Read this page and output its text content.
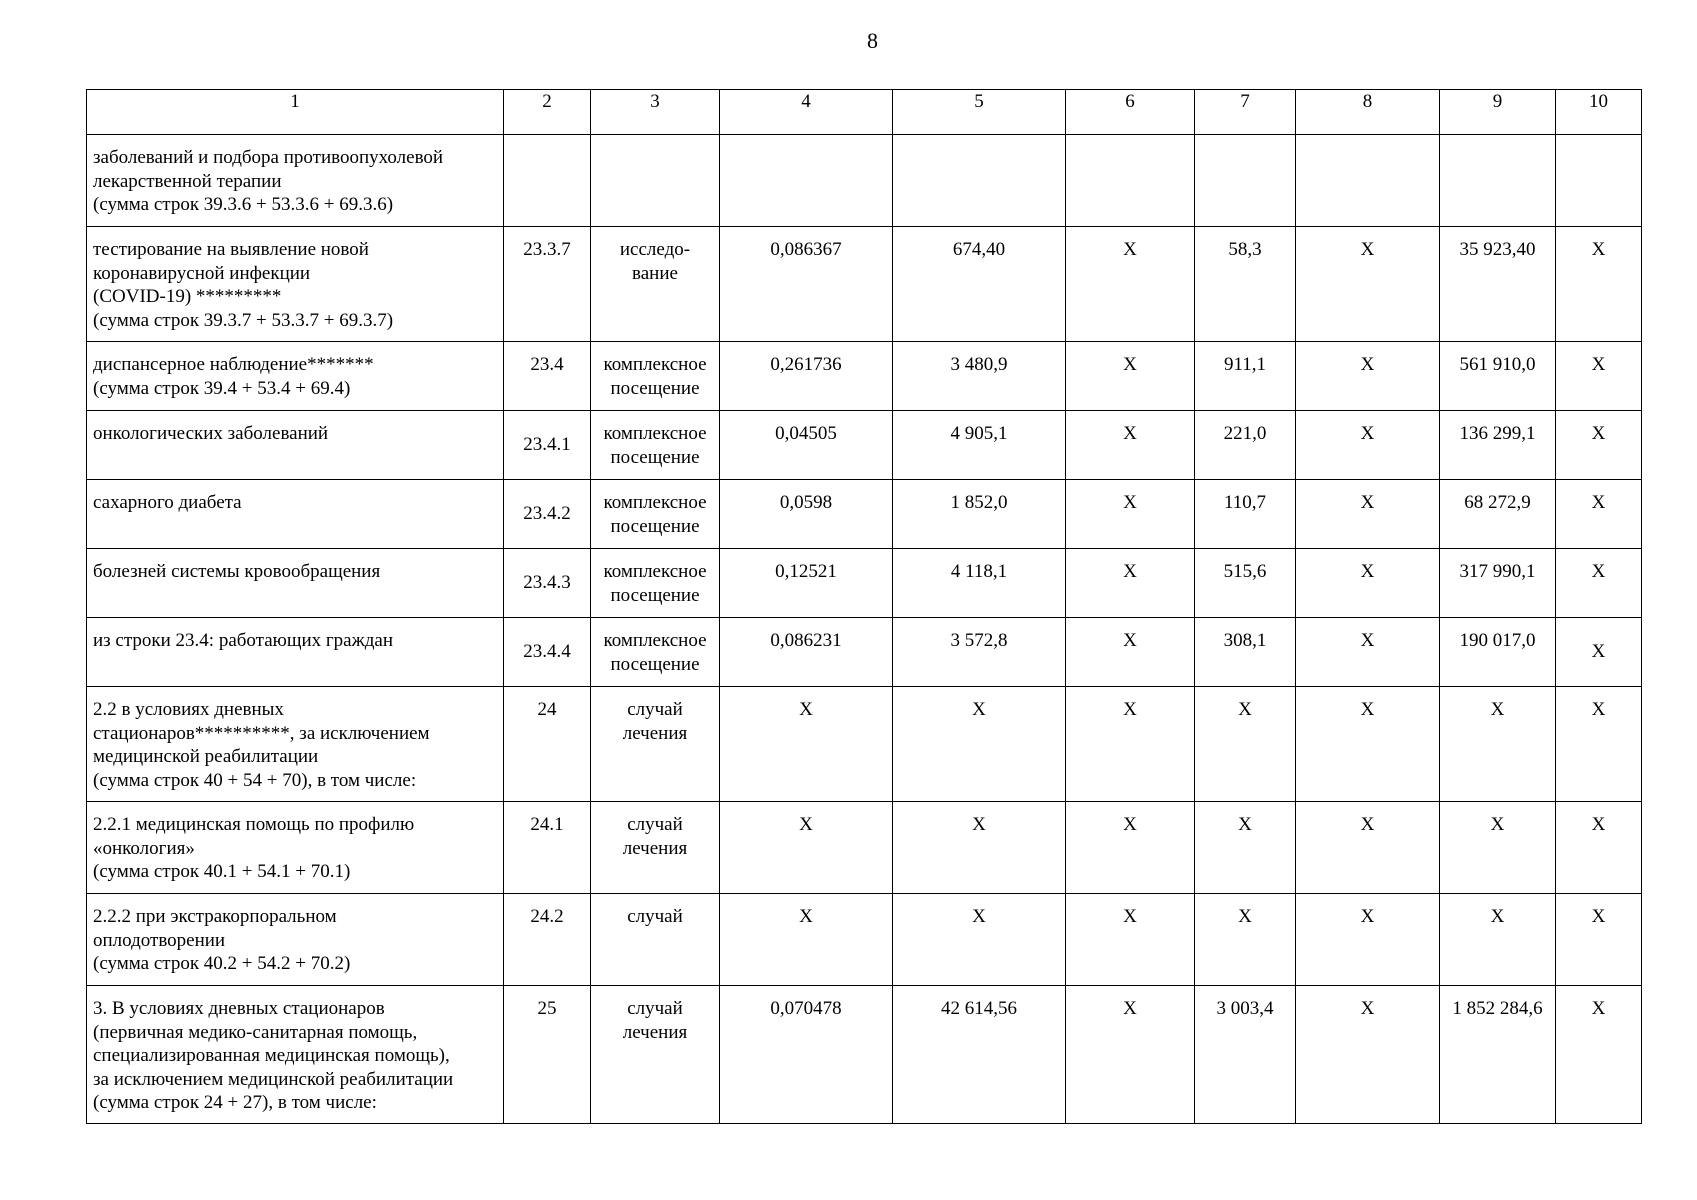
8
1	2	3	4	5	6	7	8	9	10

заболеваний и подбора противоопухолевой
лекарственной терапии
(сумма строк 39.3.6 + 53.3.6 + 69.3.6)									

тестирование на выявление новой
коронавирусной инфекции
(COVID-19) *********
(сумма строк 39.3.7 + 53.3.7 + 69.3.7)	23.3.7	исследо-
вание	0,086367	674,40	X	58,3	X	35 923,40	X

диспансерное наблюдение*******
(сумма строк 39.4 + 53.4 + 69.4)	23.4	комплексное
посещение	0,261736	3 480,9	X	911,1	X	561 910,0	X

онкологических заболеваний	23.4.1	комплексное
посещение	0,04505	4 905,1	X	221,0	X	136 299,1	X

сахарного диабета	23.4.2	комплексное
посещение	0,0598	1 852,0	X	110,7	X	68 272,9	X

болезней системы кровообращения	23.4.3	комплексное
посещение	0,12521	4 118,1	X	515,6	X	317 990,1	X

из строки 23.4: работающих граждан	23.4.4	комплексное
посещение	0,086231	3 572,8	X	308,1	X	190 017,0	X

2.2 в условиях дневных
стационаров**********, за исключением
медицинской реабилитации
(сумма строк 40 + 54 + 70), в том числе:	24	случай
лечения	X	X	X	X	X	X	X

2.2.1 медицинская помощь по профилю
«онкология»
(сумма строк 40.1 + 54.1 + 70.1)	24.1	случай
лечения	X	X	X	X	X	X	X

2.2.2 при экстракорпоральном
оплодотворении
(сумма строк 40.2 + 54.2 + 70.2)	24.2	случай	X	X	X	X	X	X	X

3. В условиях дневных стационаров
(первичная медико-санитарная помощь,
специализированная медицинская помощь),
за исключением медицинской реабилитации
(сумма строк 24 + 27), в том числе:	25	случай
лечения	0,070478	42 614,56	X	3 003,4	X	1 852 284,6	X
